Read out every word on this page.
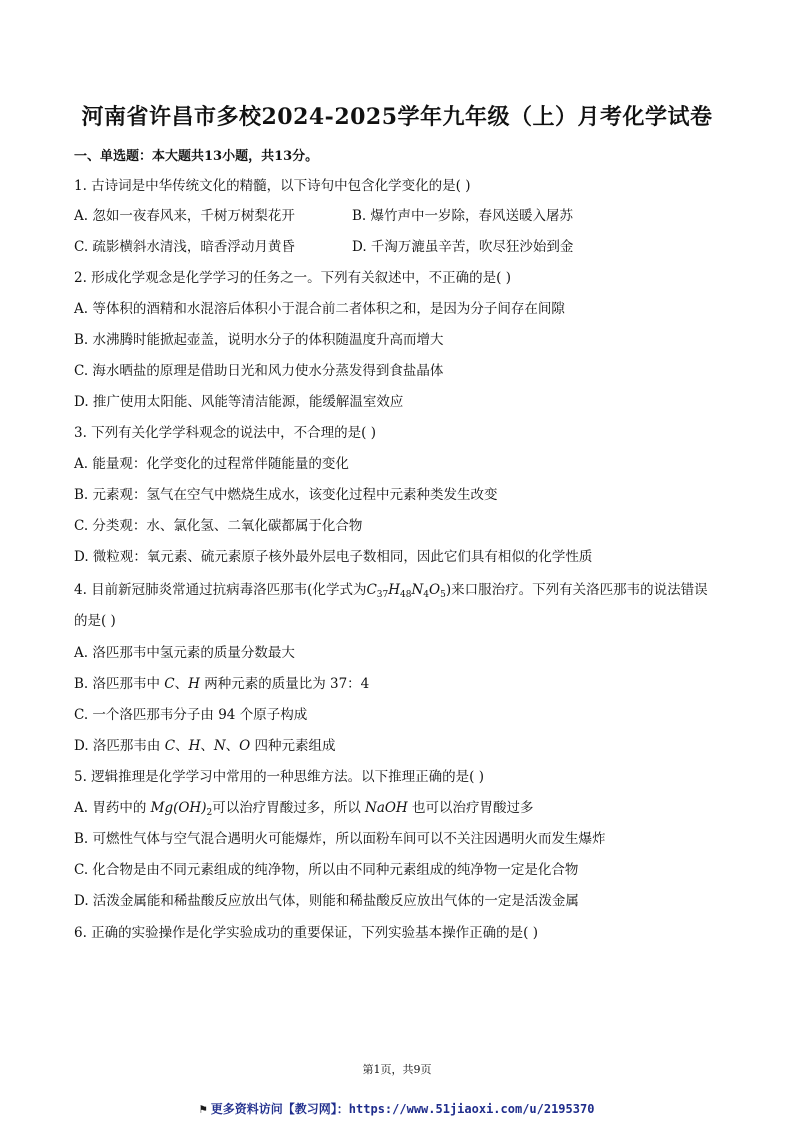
河南省许昌市多校2024-2025学年九年级（上）月考化学试卷
一、单选题：本大题共13小题，共13分。
1. 古诗词是中华传统文化的精髓，以下诗句中包含化学变化的是( )
A. 忽如一夜春风来，千树万树梨花开	B. 爆竹声中一岁除，春风送暖入屠苏
C. 疏影横斜水清浅，暗香浮动月黄昏	D. 千淘万漉虽辛苦，吹尽狂沙始到金
2. 形成化学观念是化学学习的任务之一。下列有关叙述中，不正确的是( )
A. 等体积的酒精和水混溶后体积小于混合前二者体积之和，是因为分子间存在间隙
B. 水沸腾时能掀起壶盖，说明水分子的体积随温度升高而增大
C. 海水晒盐的原理是借助日光和风力使水分蒸发得到食盐晶体
D. 推广使用太阳能、风能等清洁能源，能缓解温室效应
3. 下列有关化学学科观念的说法中，不合理的是( )
A. 能量观：化学变化的过程常伴随能量的变化
B. 元素观：氢气在空气中燃烧生成水，该变化过程中元素种类发生改变
C. 分类观：水、氯化氢、二氧化碳都属于化合物
D. 微粒观：氧元素、硫元素原子核外最外层电子数相同，因此它们具有相似的化学性质
4. 目前新冠肺炎常通过抗病毒洛匹那韦(化学式为$C_{37}H_{48}N_4O_5$)来口服治疗。下列有关洛匹那韦的说法错误
的是( )
A. 洛匹那韦中氢元素的质量分数最大
B. 洛匹那韦中 C、H 两种元素的质量比为 37：4
C. 一个洛匹那韦分子由 94 个原子构成
D. 洛匹那韦由 C、H、N、O 四种元素组成
5. 逻辑推理是化学学习中常用的一种思维方法。以下推理正确的是( )
A. 胃药中的 $Mg(OH)_2$可以治疗胃酸过多，所以 NaOH 也可以治疗胃酸过多
B. 可燃性气体与空气混合遇明火可能爆炸，所以面粉车间可以不关注因遇明火而发生爆炸
C. 化合物是由不同元素组成的纯净物，所以由不同种元素组成的纯净物一定是化合物
D. 活泼金属能和稀盐酸反应放出气体，则能和稀盐酸反应放出气体的一定是活泼金属
6. 正确的实验操作是化学实验成功的重要保证，下列实验基本操作正确的是( )
第1页，共9页
⚑ 更多资料访问【教习网】：https://www.51jiaoxi.com/u/2195370
